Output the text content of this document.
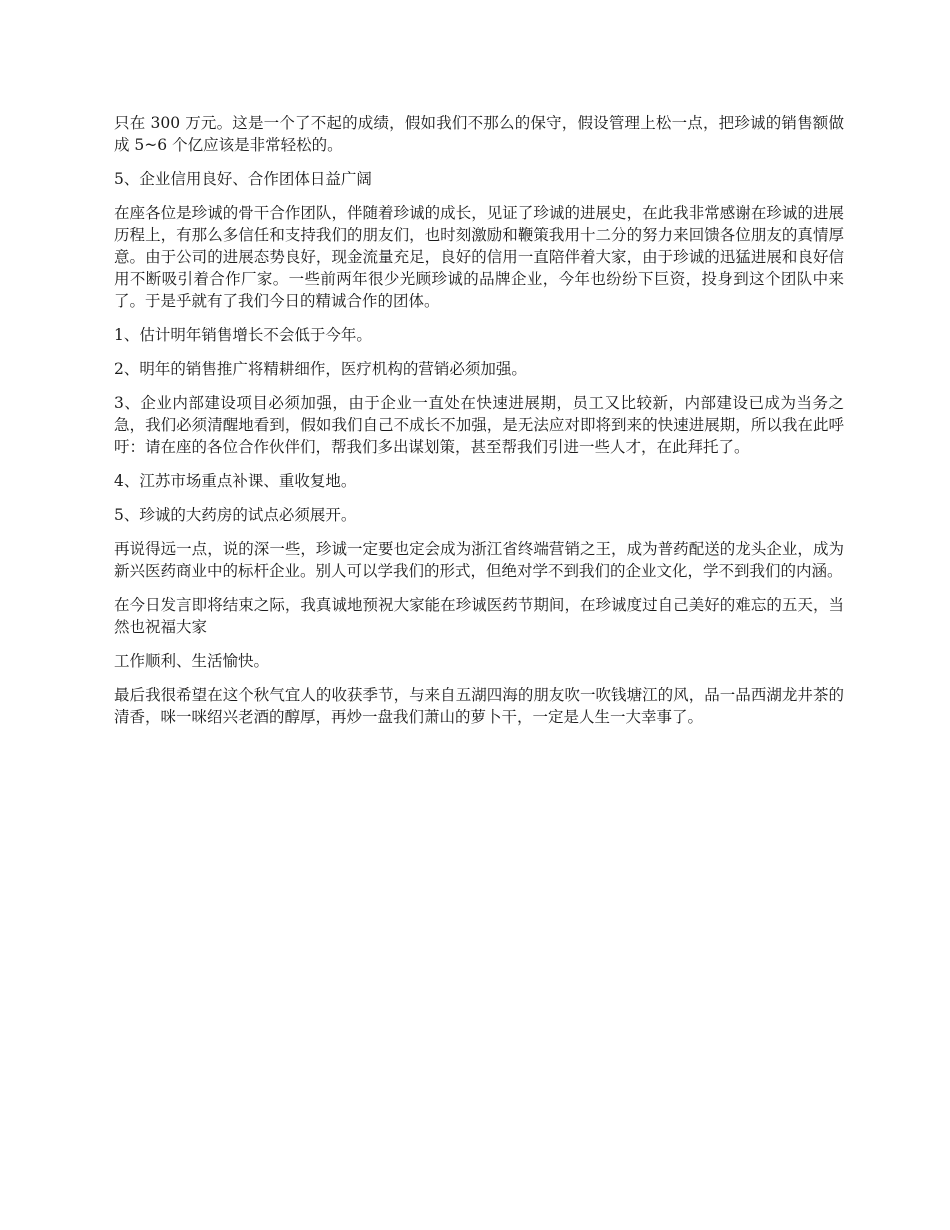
只在 300 万元。这是一个了不起的成绩，假如我们不那么的保守，假设管理上松一点，把珍诚的销售额做成 5~6 个亿应该是非常轻松的。

5、企业信用良好、合作团体日益广阔

在座各位是珍诚的骨干合作团队，伴随着珍诚的成长，见证了珍诚的进展史，在此我非常感谢在珍诚的进展历程上，有那么多信任和支持我们的朋友们，也时刻激励和鞭策我用十二分的努力来回馈各位朋友的真情厚意。由于公司的进展态势良好，现金流量充足，良好的信用一直陪伴着大家，由于珍诚的迅猛进展和良好信用不断吸引着合作厂家。一些前两年很少光顾珍诚的品牌企业，今年也纷纷下巨资，投身到这个团队中来了。于是乎就有了我们今日的精诚合作的团体。

1、估计明年销售增长不会低于今年。

2、明年的销售推广将精耕细作，医疗机构的营销必须加强。

3、企业内部建设项目必须加强，由于企业一直处在快速进展期，员工又比较新，内部建设已成为当务之急，我们必须清醒地看到，假如我们自己不成长不加强，是无法应对即将到来的快速进展期，所以我在此呼吁：请在座的各位合作伙伴们，帮我们多出谋划策，甚至帮我们引进一些人才，在此拜托了。

4、江苏市场重点补课、重收复地。

5、珍诚的大药房的试点必须展开。

再说得远一点，说的深一些，珍诚一定要也定会成为浙江省终端营销之王，成为普药配送的龙头企业，成为新兴医药商业中的标杆企业。别人可以学我们的形式，但绝对学不到我们的企业文化，学不到我们的内涵。

在今日发言即将结束之际，我真诚地预祝大家能在珍诚医药节期间，在珍诚度过自己美好的难忘的五天，当然也祝福大家

工作顺利、生活愉快。

最后我很希望在这个秋气宜人的收获季节，与来自五湖四海的朋友吹一吹钱塘江的风，品一品西湖龙井茶的清香，咪一咪绍兴老酒的醇厚，再炒一盘我们萧山的萝卜干，一定是人生一大幸事了。
